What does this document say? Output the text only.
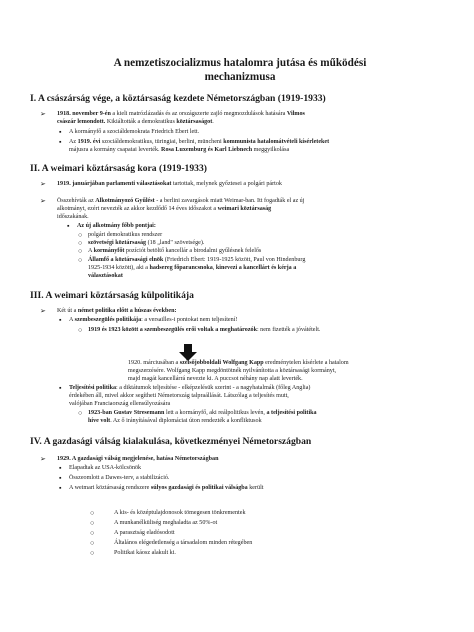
A nemzetiszocializmus hatalomra jutása és működési
mechanizmusa
I. A császárság vége, a köztársaság kezdete Németországban (1919-1933)
➢ 1918. november 9-én a kieli matrózlázadás és az országszerte zajló megmozdulások hatására Vilmos
császár lemondott. Kikiáltották a demokratikus köztársaságot.
▪ A kormányfő a szociáldemokrata Friedrich Ebert lett.
▪ Az 1919. évi szociáldemokratikus, türingiai, berlini, müncheni kommunista hatalomátvételi kísérleteket
májusra a kormány csapatai leverték. Rosa Luxemburg és Karl Liebnech meggyilkolása
II. A weimari köztársaság kora (1919-1933)
➢ 1919. januárjában parlamenti választásokat tartottak, melynek győztesei a polgári pártok
➢ Összehívták az Alkotmányozó Gyűlést - a berlini zavargások miatt Weimar-ban. Itt fogadták el az új
alkotmányt, ezért nevezték az akkor kezdődő 14 éves időszakot a weimari köztársaság
időszakának.
▪ Az új alkotmány főbb pontjai:
○ polgári demokratikus rendszer
○ szövetségi köztársaság (18 „land" szövetsége).
○ A kormányfőt pozíciót betöltő kancellár a birodalmi gyűlésnek felelős
○ Államfő a köztársasági elnök (Friedrich Ebert: 1919-1925 között, Paul von Hindenburg
1925-1934 között), aki a hadsereg főparancsnoka, kinevezi a kancellárt és kérja a
választásokat
III. A weimari köztársaság külpolitikája
➢ Két út a német politika előtt a húszas években:
▪ A szembeszegülés politikája: a versailles-i pontokat nem teljesítení!
○ 1919 és 1923 között a szembeszegülés erői voltak a meghatározók: nem fizették a jóvátételt.
1920. márciusában a szélsőjobboldali Wolfgang Kapp eredménytelen kísérlete a hatalom
megszerzésére. Wolfgang Kapp megdöntötnék nyilvánította a köztársasági kormányt,
majd magát kancellárrá nevezte ki. A puccsot néhány nap alatt leverték.
▪ Teljesítési politika: a diktátumok teljesítése - elképzelésük szerint - a nagyhatalmák (főleg Anglia)
érdekében áll, mivel akkor segítheti Németország talpraállását. Látszólag a teljesítés mutt,
valójában Franciaország ellensúlyozására
○ 1923-ban Gustav Stresemann lett a kormányfő, aki reálpolitikus levén, a teljesítési politika
híve volt. Az ő irányításával diplomáciai úton rendezték a konfliktusok
IV. A gazdasági válság kialakulása, következményei Németországban
➢ 1929. A gazdasági válság megjelenése, hatása Németországban
▪ Elapadtak az USA-kölcsönök
▪ Összeomlott a Dawes-terv, a stabilizáció.
▪ A weimari köztársaság rendszere súlyos gazdasági és politikai válságba került
○	A kis- és középtulajdonosok tömegesen tönkrementek
○	A munkanélküliség meghaladta az 50%-ot
○	A parasztság eladósodott
○	Általános elégedetlenség a társadalom minden rétegében
○	Politikai káosz alakult ki.
